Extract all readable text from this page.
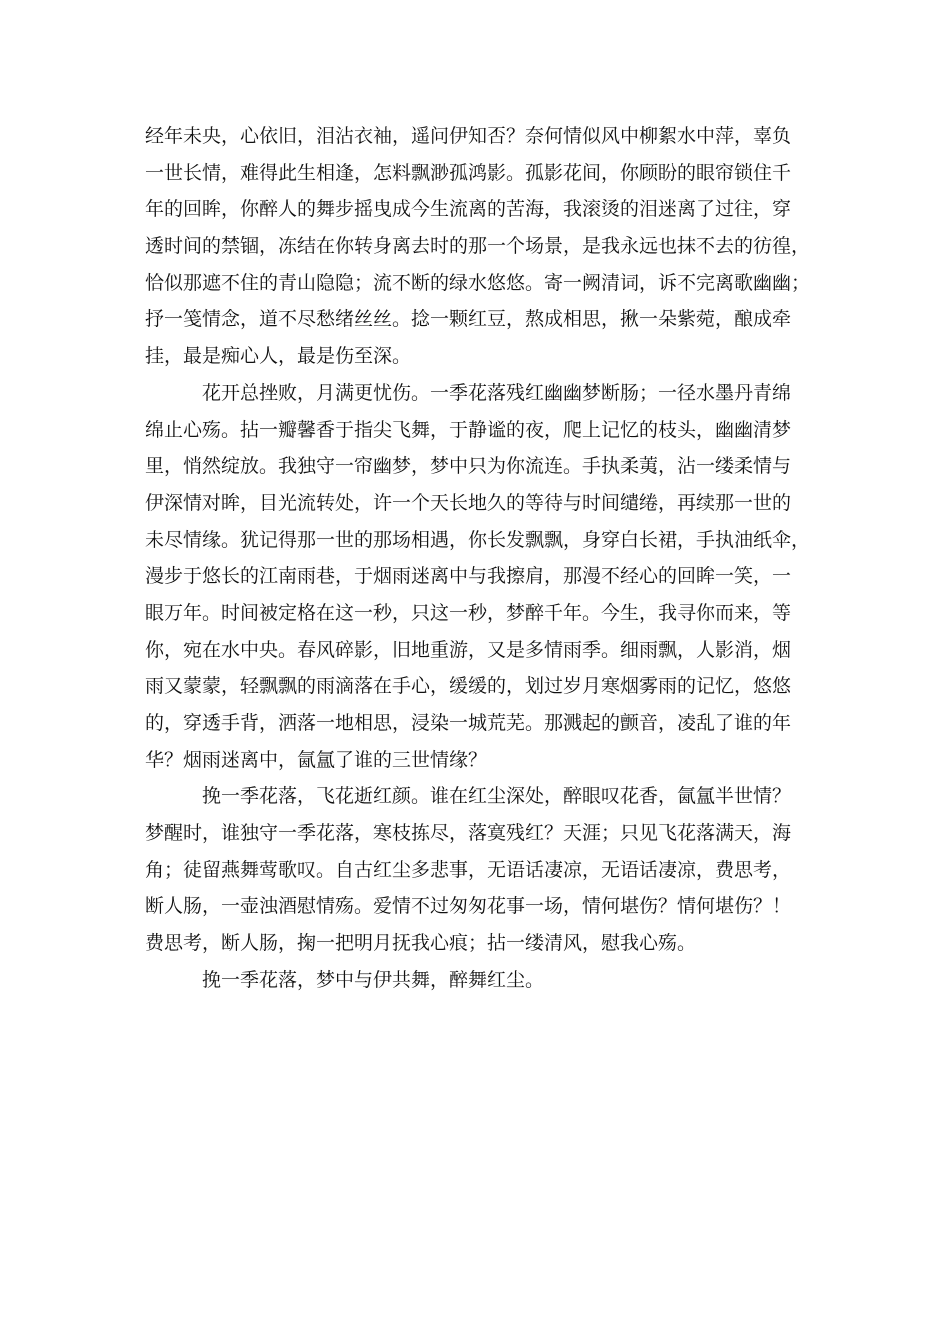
经年未央，心依旧，泪沾衣袖，遥问伊知否？奈何情似风中柳絮水中萍，辜负
一世长情，难得此生相逢，怎料飘渺孤鸿影。孤影花间，你顾盼的眼帘锁住千
年的回眸，你醉人的舞步摇曳成今生流离的苦海，我滚烫的泪迷离了过往，穿
透时间的禁锢，冻结在你转身离去时的那一个场景，是我永远也抹不去的彷徨，
恰似那遮不住的青山隐隐；流不断的绿水悠悠。寄一阙清词，诉不完离歌幽幽；
抒一笺情念，道不尽愁绪丝丝。捻一颗红豆，熬成相思，揪一朵紫菀，酿成牵
挂，最是痴心人，最是伤至深。
花开总挫败，月满更忧伤。一季花落残红幽幽梦断肠；一径水墨丹青绵
绵止心殇。拈一瓣馨香于指尖飞舞，于静谧的夜，爬上记忆的枝头，幽幽清梦
里，悄然绽放。我独守一帘幽梦，梦中只为你流连。手执柔荑，沾一缕柔情与
伊深情对眸，目光流转处，许一个天长地久的等待与时间缱绻，再续那一世的
未尽情缘。犹记得那一世的那场相遇，你长发飘飘，身穿白长裙，手执油纸伞，
漫步于悠长的江南雨巷，于烟雨迷离中与我擦肩，那漫不经心的回眸一笑，一
眼万年。时间被定格在这一秒，只这一秒，梦醉千年。今生，我寻你而来，等
你，宛在水中央。春风碎影，旧地重游，又是多情雨季。细雨飘，人影消，烟
雨又蒙蒙，轻飘飘的雨滴落在手心，缓缓的，划过岁月寒烟雾雨的记忆，悠悠
的，穿透手背，洒落一地相思，浸染一城荒芜。那溅起的颤音，凌乱了谁的年
华？烟雨迷离中，氤氲了谁的三世情缘？
挽一季花落，飞花逝红颜。谁在红尘深处，醉眼叹花香，氤氲半世情？
梦醒时，谁独守一季花落，寒枝拣尽，落寞残红？天涯；只见飞花落满天，海
角；徒留燕舞莺歌叹。自古红尘多悲事，无语话凄凉，无语话凄凉，费思考，
断人肠，一壶浊酒慰情殇。爱情不过匆匆花事一场，情何堪伤？情何堪伤？！
费思考，断人肠，掬一把明月抚我心痕；拈一缕清风，慰我心殇。
挽一季花落，梦中与伊共舞，醉舞红尘。
